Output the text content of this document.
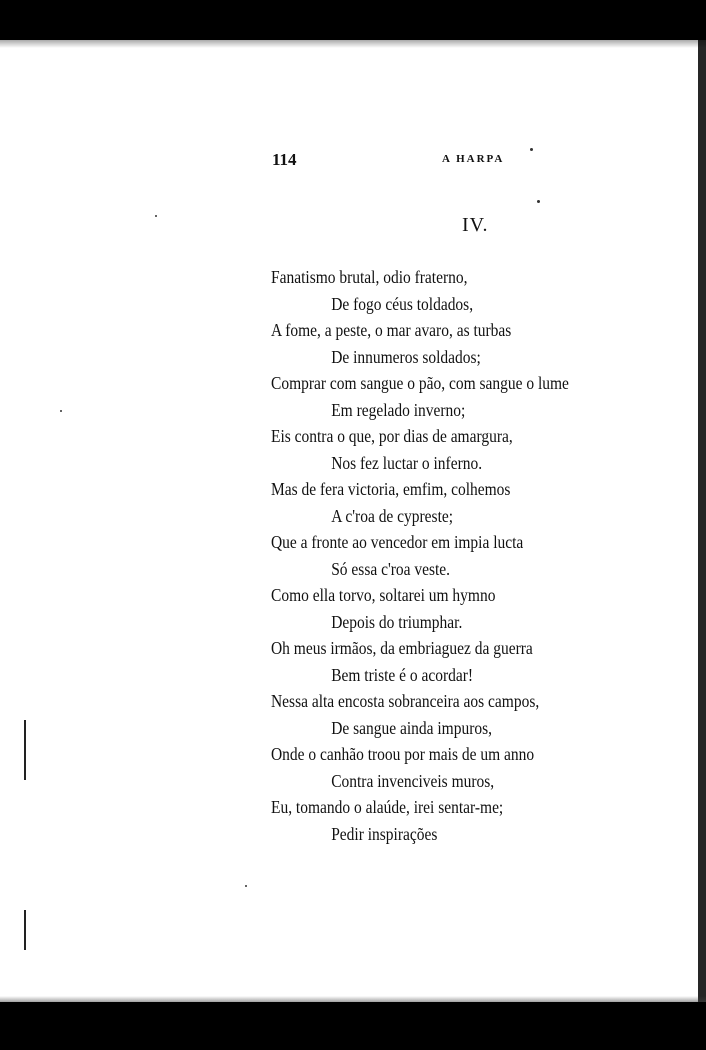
114	A HARPA
IV.
Fanatismo brutal, odio fraterno,
De fogo céus toldados,
A fome, a peste, o mar avaro, as turbas
De innumeros soldados;
Comprar com sangue o pão, com sangue o lume
Em regelado inverno;
Eis contra o que, por dias de amargura,
Nos fez luctar o inferno.
Mas de fera victoria, emfim, colhemos
A c'roa de cypreste;
Que a fronte ao vencedor em impia lucta
Só essa c'roa veste.
Como ella torvo, soltarei um hymno
Depois do triumphar.
Oh meus irmãos, da embriaguez da guerra
Bem triste é o acordar!
Nessa alta encosta sobranceira aos campos,
De sangue ainda impuros,
Onde o canhão troou por mais de um anno
Contra invenciveis muros,
Eu, tomando o alaúde, irei sentar-me;
Pedir inspirações
